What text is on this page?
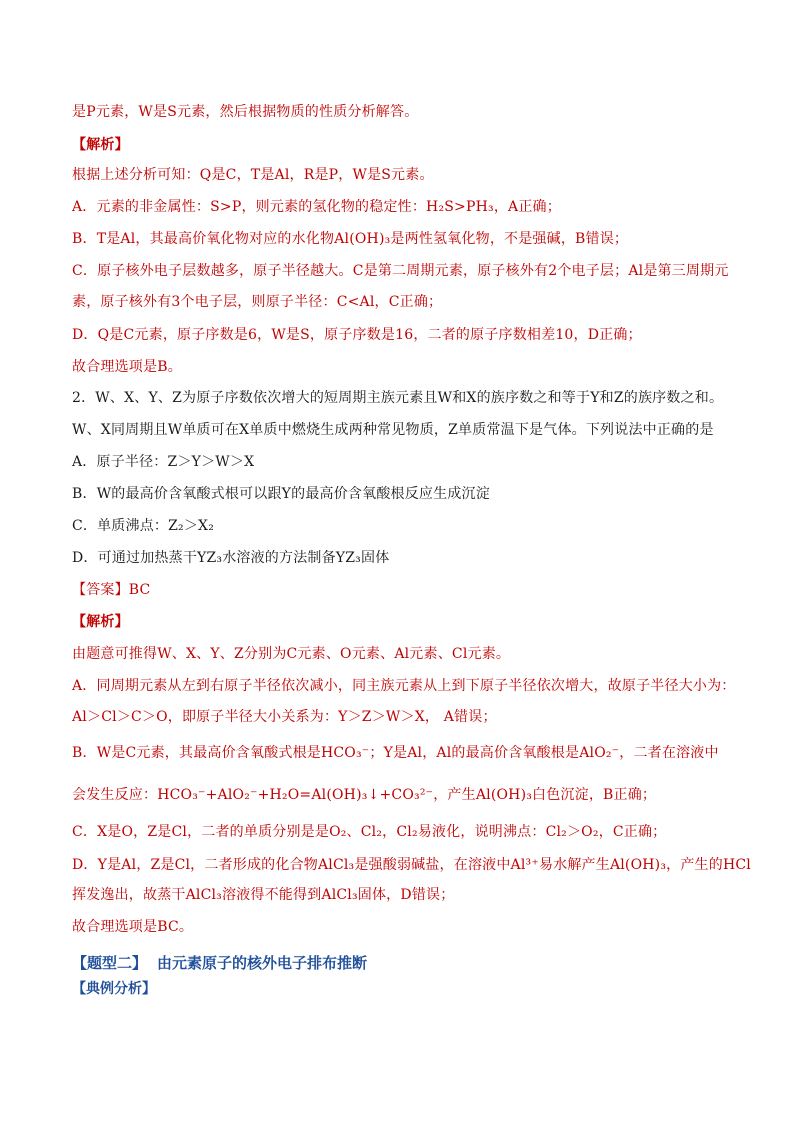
是P元素，W是S元素，然后根据物质的性质分析解答。
【解析】
根据上述分析可知：Q是C，T是Al，R是P，W是S元素。
A．元素的非金属性：S>P，则元素的氢化物的稳定性：H₂S>PH₃，A正确；
B．T是Al，其最高价氧化物对应的水化物Al(OH)₃是两性氢氧化物，不是强碱，B错误；
C．原子核外电子层数越多，原子半径越大。C是第二周期元素，原子核外有2个电子层；Al是第三周期元
素，原子核外有3个电子层，则原子半径：C<Al，C正确；
D．Q是C元素，原子序数是6，W是S，原子序数是16，二者的原子序数相差10，D正确；
故合理选项是B。
2．W、X、Y、Z为原子序数依次增大的短周期主族元素且W和X的族序数之和等于Y和Z的族序数之和。
W、X同周期且W单质可在X单质中燃烧生成两种常见物质，Z单质常温下是气体。下列说法中正确的是
A．原子半径：Z＞Y＞W＞X
B．W的最高价含氧酸式根可以跟Y的最高价含氧酸根反应生成沉淀
C．单质沸点：Z₂＞X₂
D．可通过加热蒸干YZ₃水溶液的方法制备YZ₃固体
【答案】BC
【解析】
由题意可推得W、X、Y、Z分别为C元素、O元素、Al元素、Cl元素。
A．同周期元素从左到右原子半径依次减小，同主族元素从上到下原子半径依次增大，故原子半径大小为：
Al＞Cl＞C＞O，即原子半径大小关系为：Y＞Z＞W＞X， A错误；
B．W是C元素，其最高价含氧酸式根是HCO₃⁻；Y是Al，Al的最高价含氧酸根是AlO₂⁻，二者在溶液中
会发生反应：HCO₃⁻+AlO₂⁻+H₂O=Al(OH)₃↓+CO₃²⁻，产生Al(OH)₃白色沉淀，B正确；
C．X是O，Z是Cl，二者的单质分别是是O₂、Cl₂，Cl₂易液化，说明沸点：Cl₂＞O₂，C正确；
D．Y是Al，Z是Cl，二者形成的化合物AlCl₃是强酸弱碱盐，在溶液中Al³⁺易水解产生Al(OH)₃，产生的HCl
挥发逸出，故蒸干AlCl₃溶液得不能得到AlCl₃固体，D错误；
故合理选项是BC。
【题型二】 由元素原子的核外电子排布推断
【典例分析】
